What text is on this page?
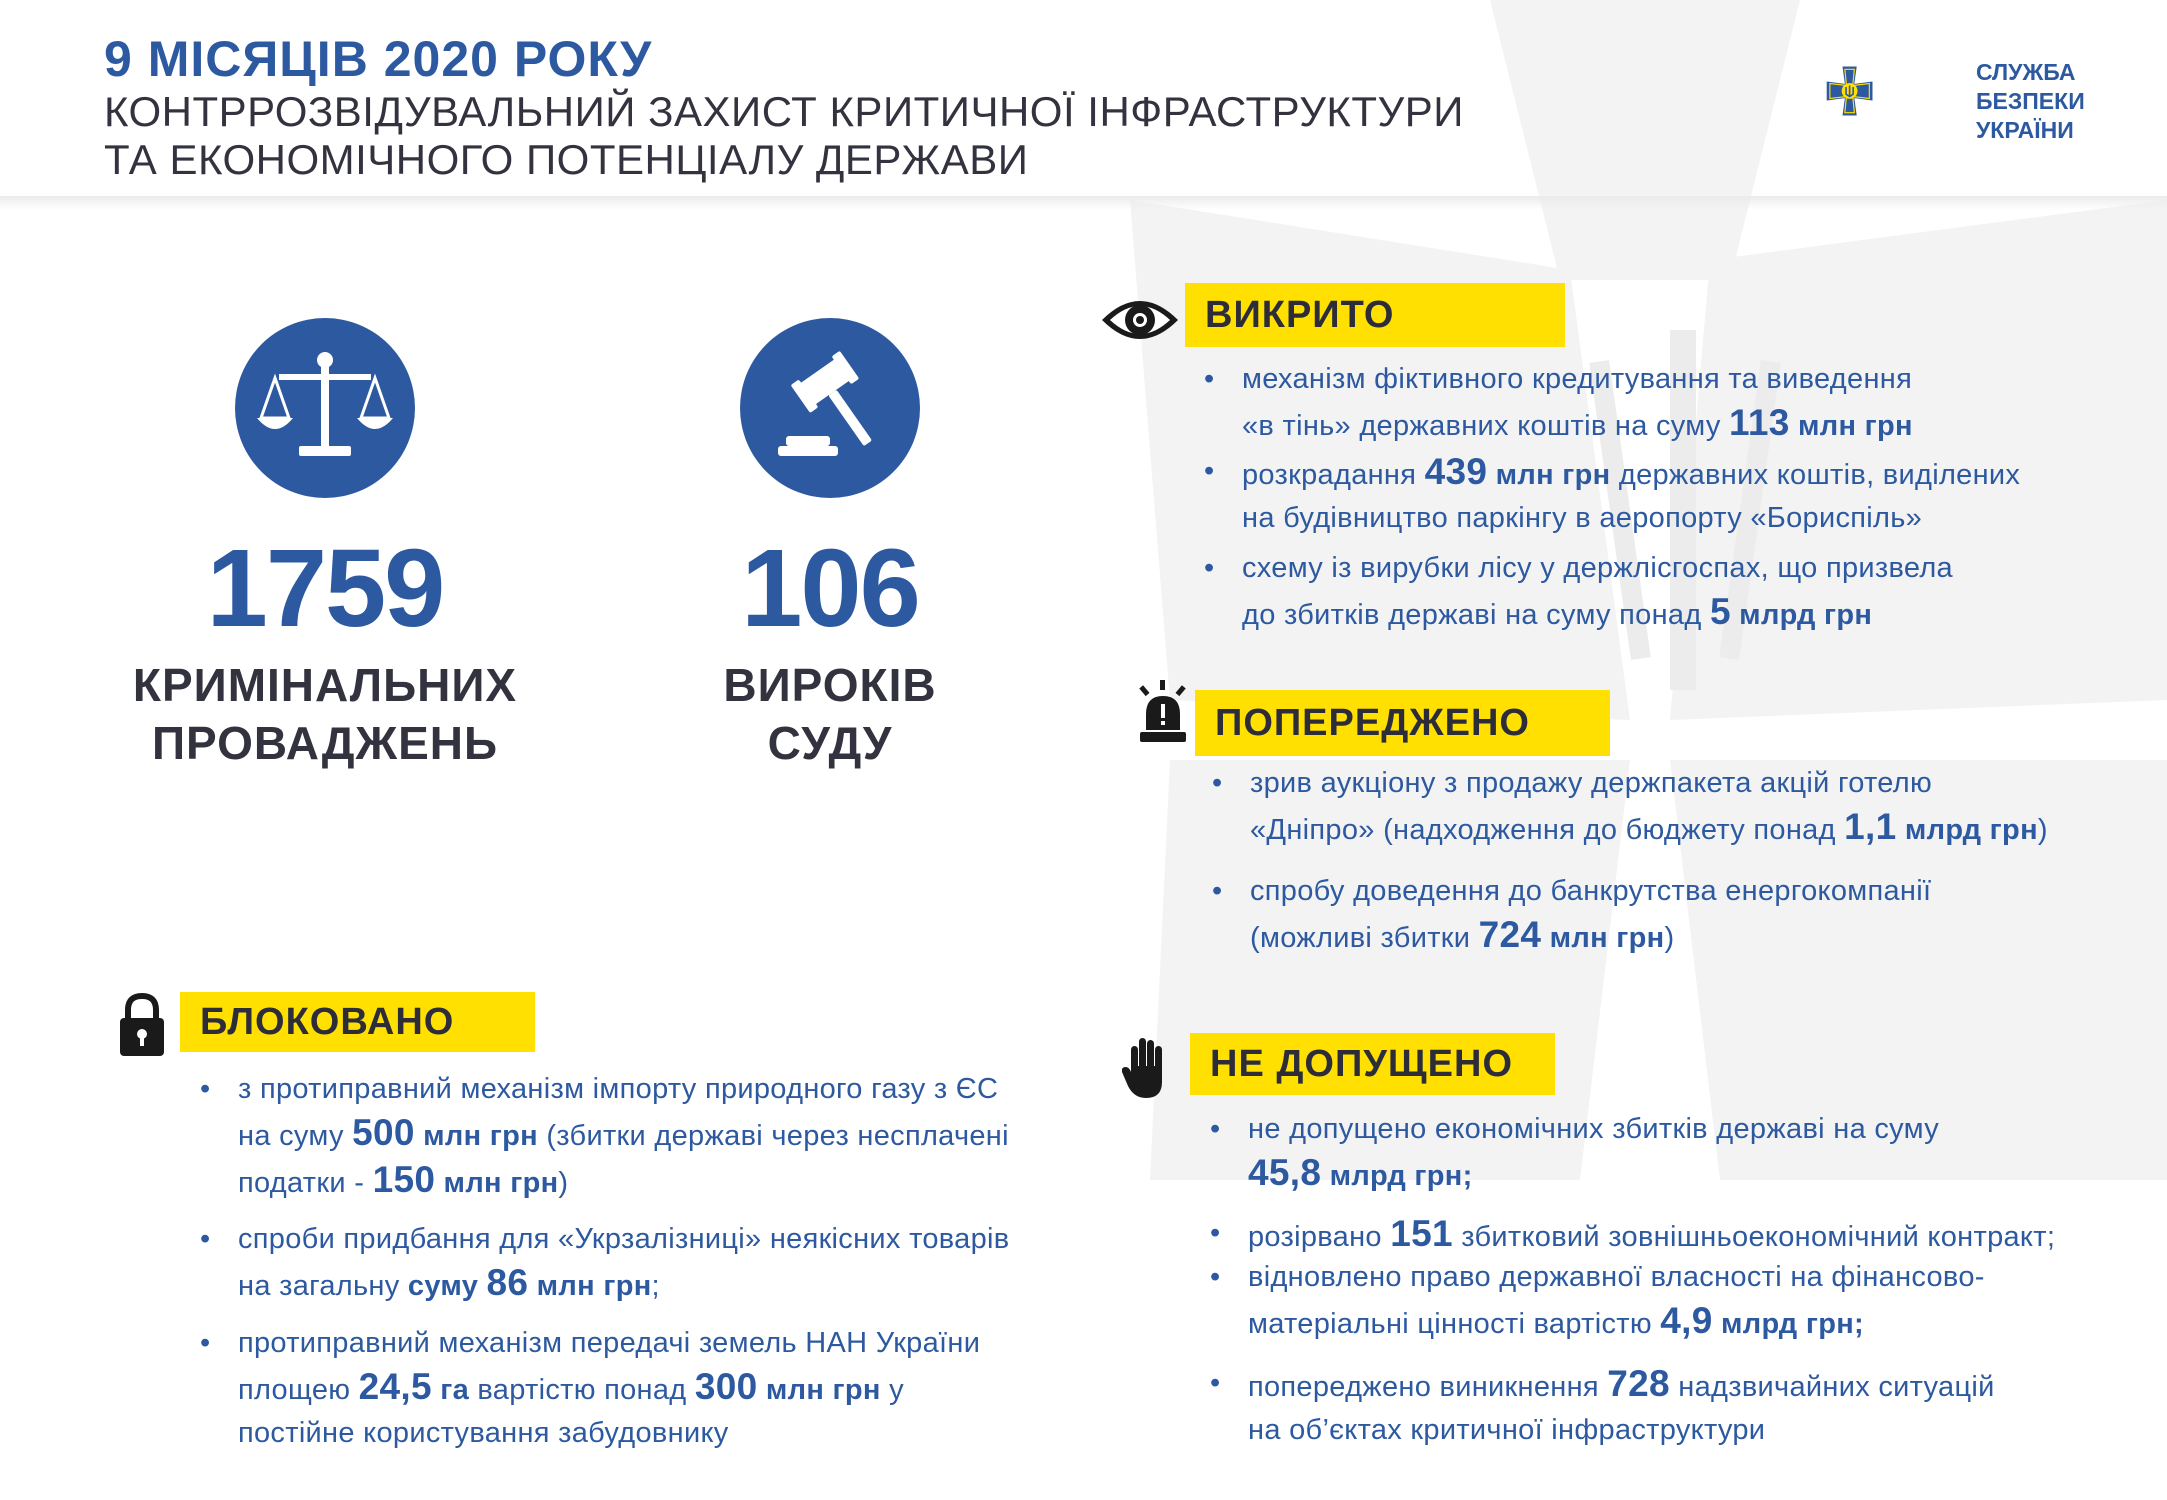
9 МІСЯЦІВ 2020 РОКУ
КОНТРРОЗВІДУВАЛЬНИЙ ЗАХИСТ КРИТИЧНОЇ ІНФРАСТРУКТУРИ
ТА ЕКОНОМІЧНОГО ПОТЕНЦІАЛУ ДЕРЖАВИ
СЛУЖБА
БЕЗПЕКИ
УКРАЇНИ
1759
КРИМІНАЛЬНИХ
ПРОВАДЖЕНЬ
106
ВИРОКІВ
СУДУ
ВИКРИТО
• механізм фіктивного кредитування та виведення
«в тінь» державних коштів на суму 113 млн грн
• розкрадання 439 млн грн державних коштів, виділених
на будівництво паркінгу в аеропорту «Бориспіль»
• схему із вирубки лісу у держлісгоспах, що призвела
до збитків державі на суму понад 5 млрд грн
ПОПЕРЕДЖЕНО
• зрив аукціону з продажу держпакета акцій готелю
«Дніпро» (надходження до бюджету понад 1,1 млрд грн)
• спробу доведення до банкрутства енергокомпанії
(можливі збитки 724 млн грн)
БЛОКОВАНО
• з протиправний механізм імпорту природного газу з ЄС
на суму 500 млн грн (збитки державі через несплачені
податки - 150 млн грн)
• спроби придбання для «Укрзалізниці» неякісних товарів
на загальну суму 86 млн грн;
• протиправний механізм передачі земель НАН України
площею 24,5 га вартістю понад 300 млн грн у
постійне користування забудовнику
НЕ ДОПУЩЕНО
• не допущено економічних збитків державі на суму
45,8 млрд грн;
• розірвано 151 збитковий зовнішньоекономічний контракт;
• відновлено право державної власності на фінансово-
матеріальні цінності вартістю 4,9 млрд грн;
• попереджено виникнення 728 надзвичайних ситуацій
на об’єктах критичної інфраструктури
